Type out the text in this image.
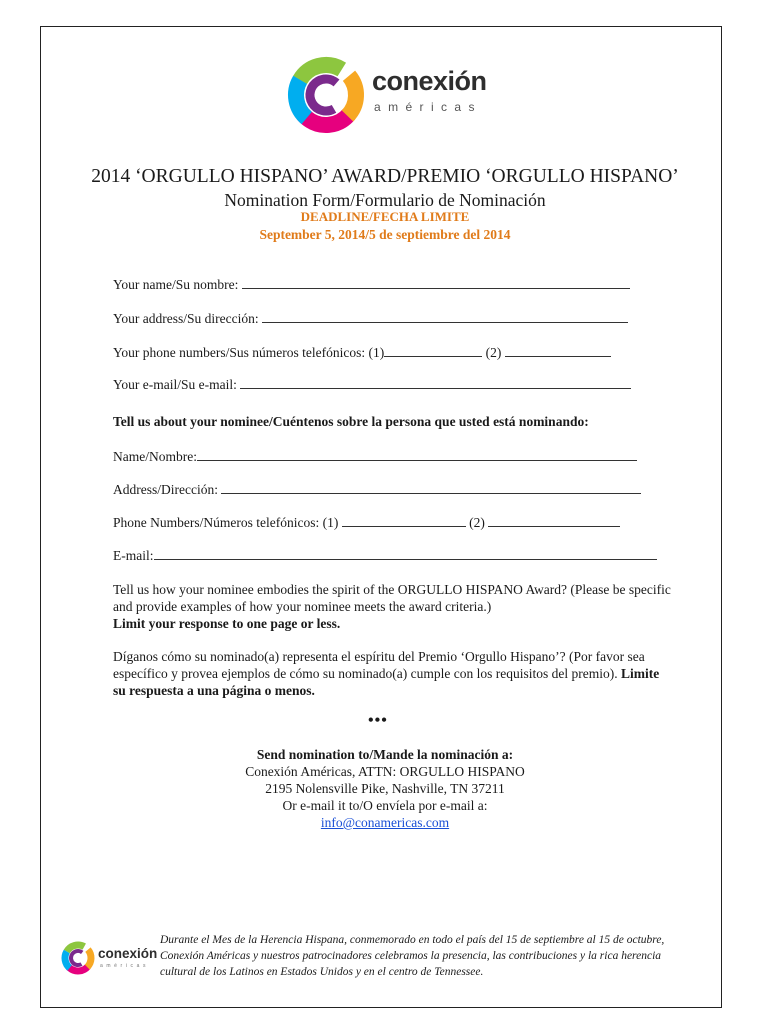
conexión
américas
2014 ‘ORGULLO HISPANO’ AWARD/PREMIO ‘ORGULLO HISPANO’
Nomination Form/Formulario de Nominación
DEADLINE/FECHA LIMITE
September 5, 2014/5 de septiembre del 2014
Your name/Su nombre:
Your address/Su dirección:
Your phone numbers/Sus números telefónicos: (1)	(2)
Your e-mail/Su e-mail:
Tell us about your nominee/Cuéntenos sobre la persona que usted está nominando:
Name/Nombre:
Address/Dirección:
Phone Numbers/Números telefónicos: (1)	(2)
E-mail:
Tell us how your nominee embodies the spirit of the ORGULLO HISPANO Award? (Please be specific and provide examples of how your nominee meets the award criteria.)
Limit your response to one page or less.
Díganos cómo su nominado(a) representa el espíritu del Premio ‘Orgullo Hispano’? (Por favor sea específico y provea ejemplos de cómo su nominado(a) cumple con los requisitos del premio). Limite su respuesta a una página o menos.
•••
Send nomination to/Mande la nominación a:
Conexión Américas, ATTN: ORGULLO HISPANO
2195 Nolensville Pike, Nashville, TN 37211
Or e-mail it to/O envíela por e-mail a:
info@conamericas.com
conexión
américas
Durante el Mes de la Herencia Hispana, conmemorado en todo el país del 15 de septiembre al 15 de octubre, Conexión Américas y nuestros patrocinadores celebramos la presencia, las contribuciones y la rica herencia cultural de los Latinos en Estados Unidos y en el centro de Tennessee.
